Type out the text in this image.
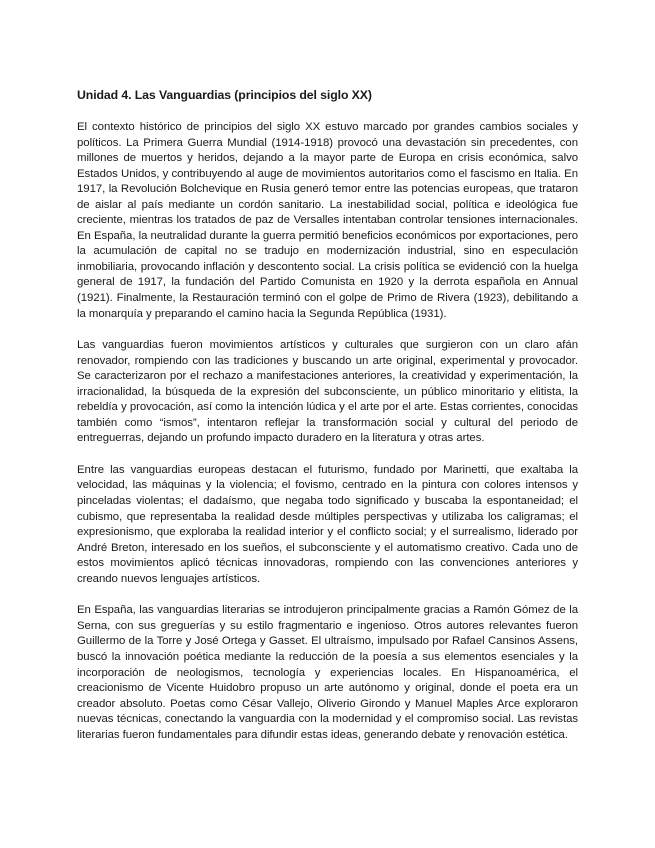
Unidad 4. Las Vanguardias (principios del siglo XX)

El contexto histórico de principios del siglo XX estuvo marcado por grandes cambios sociales y políticos. La Primera Guerra Mundial (1914-1918) provocó una devastación sin precedentes, con millones de muertos y heridos, dejando a la mayor parte de Europa en crisis económica, salvo Estados Unidos, y contribuyendo al auge de movimientos autoritarios como el fascismo en Italia. En 1917, la Revolución Bolchevique en Rusia generó temor entre las potencias europeas, que trataron de aislar al país mediante un cordón sanitario. La inestabilidad social, política e ideológica fue creciente, mientras los tratados de paz de Versalles intentaban controlar tensiones internacionales. En España, la neutralidad durante la guerra permitió beneficios económicos por exportaciones, pero la acumulación de capital no se tradujo en modernización industrial, sino en especulación inmobiliaria, provocando inflación y descontento social. La crisis política se evidenció con la huelga general de 1917, la fundación del Partido Comunista en 1920 y la derrota española en Annual (1921). Finalmente, la Restauración terminó con el golpe de Primo de Rivera (1923), debilitando a la monarquía y preparando el camino hacia la Segunda República (1931).

Las vanguardias fueron movimientos artísticos y culturales que surgieron con un claro afán renovador, rompiendo con las tradiciones y buscando un arte original, experimental y provocador. Se caracterizaron por el rechazo a manifestaciones anteriores, la creatividad y experimentación, la irracionalidad, la búsqueda de la expresión del subconsciente, un público minoritario y elitista, la rebeldía y provocación, así como la intención lúdica y el arte por el arte. Estas corrientes, conocidas también como “ismos”, intentaron reflejar la transformación social y cultural del periodo de entreguerras, dejando un profundo impacto duradero en la literatura y otras artes.

Entre las vanguardias europeas destacan el futurismo, fundado por Marinetti, que exaltaba la velocidad, las máquinas y la violencia; el fovismo, centrado en la pintura con colores intensos y pinceladas violentas; el dadaísmo, que negaba todo significado y buscaba la espontaneidad; el cubismo, que representaba la realidad desde múltiples perspectivas y utilizaba los caligramas; el expresionismo, que exploraba la realidad interior y el conflicto social; y el surrealismo, liderado por André Breton, interesado en los sueños, el subconsciente y el automatismo creativo. Cada uno de estos movimientos aplicó técnicas innovadoras, rompiendo con las convenciones anteriores y creando nuevos lenguajes artísticos.

En España, las vanguardias literarias se introdujeron principalmente gracias a Ramón Gómez de la Serna, con sus greguerías y su estilo fragmentario e ingenioso. Otros autores relevantes fueron Guillermo de la Torre y José Ortega y Gasset. El ultraísmo, impulsado por Rafael Cansinos Assens, buscó la innovación poética mediante la reducción de la poesía a sus elementos esenciales y la incorporación de neologismos, tecnología y experiencias locales. En Hispanoamérica, el creacionismo de Vicente Huidobro propuso un arte autónomo y original, donde el poeta era un creador absoluto. Poetas como César Vallejo, Oliverio Girondo y Manuel Maples Arce exploraron nuevas técnicas, conectando la vanguardia con la modernidad y el compromiso social. Las revistas literarias fueron fundamentales para difundir estas ideas, generando debate y renovación estética.
